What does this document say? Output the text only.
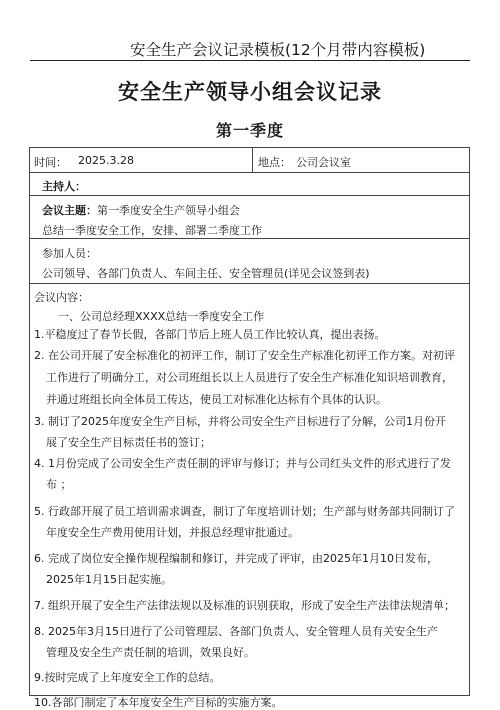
安全生产会议记录模板(12个月带内容模板)
安全生产领导小组会议记录
第一季度
时间： 2025.3.28	地点： 公司会议室
主持人：
会议主题：第一季度安全生产领导小组会
总结一季度安全工作，安排、部署二季度工作
参加人员：
公司领导、各部门负责人、车间主任、安全管理员(详见会议签到表)
会议内容：
一、公司总经理XXXX总结一季度安全工作
1.平稳度过了春节长假，各部门节后上班人员工作比较认真，提出表扬。
2. 在公司开展了安全标准化的初评工作，制订了安全生产标准化初评工作方案。对初评
工作进行了明确分工，对公司班组长以上人员进行了安全生产标准化知识培训教育，
并通过班组长向全体员工传达，使员工对标准化达标有个具体的认识。
3. 制订了2025年度安全生产目标，并将公司安全生产目标进行了分解，公司1月份开
展了安全生产目标责任书的签订；
4. 1月份完成了公司安全生产责任制的评审与修订；并与公司红头文件的形式进行了发
布 ；
5. 行政部开展了员工培训需求调查，制订了年度培训计划；生产部与财务部共同制订了
年度安全生产费用使用计划，并报总经理审批通过。
6. 完成了岗位安全操作规程编制和修订，并完成了评审，由2025年1月10日发布，
2025年1月15日起实施。
7. 组织开展了安全生产法律法规以及标准的识别获取，形成了安全生产法律法规清单；
8. 2025年3月15日进行了公司管理层、各部门负责人、安全管理人员有关安全生产
管理及安全生产责任制的培训，效果良好。
9.按时完成了上年度安全工作的总结。
10.各部门制定了本年度安全生产目标的实施方案。
